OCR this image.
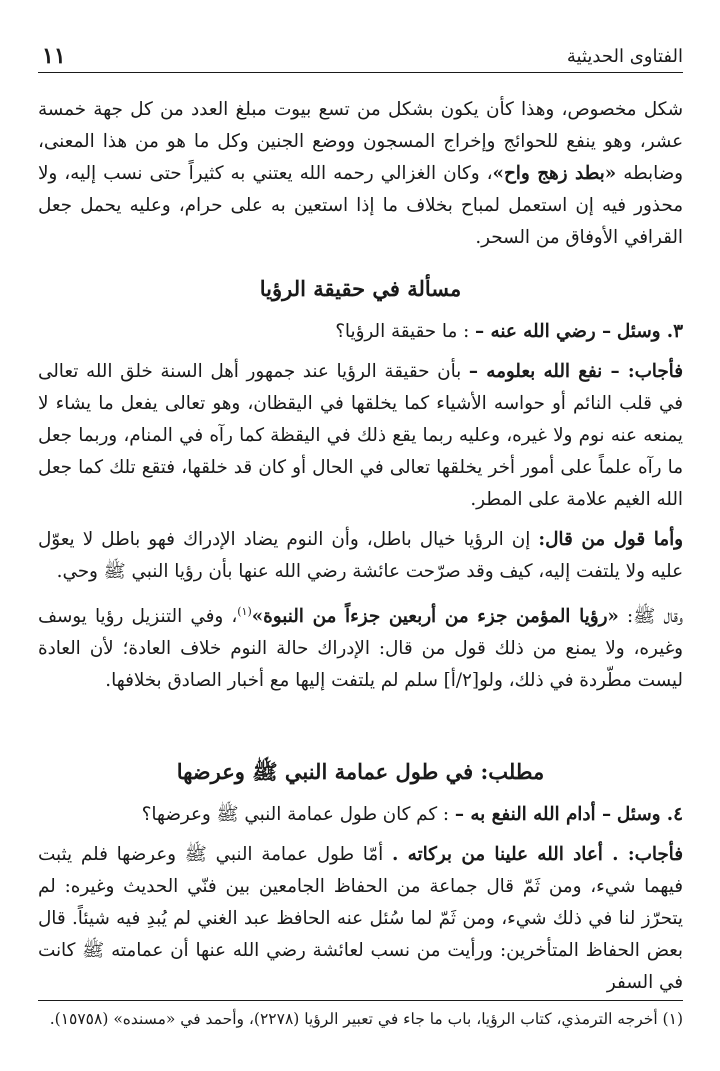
الفتاوى الحديثية
١١

شكل مخصوص، وهذا كأن يكون بشكل من تسع بيوت مبلغ العدد من كل جهة خمسة عشر، وهو ينفع للحوائج وإخراج المسجون ووضع الجنين وكل ما هو من هذا المعنى، وضابطه «بطد زهج واح»، وكان الغزالي رحمه الله يعتني به كثيراً حتى نسب إليه، ولا محذور فيه إن استعمل لمباح بخلاف ما إذا استعين به على حرام، وعليه يحمل جعل القرافي الأوفاق من السحر.

مسألة في حقيقة الرؤيا

٣. وسئل – رضي الله عنه – : ما حقيقة الرؤيا؟

فأجاب: – نفع الله بعلومه – بأن حقيقة الرؤيا عند جمهور أهل السنة خلق الله تعالى في قلب النائم أو حواسه الأشياء كما يخلقها في اليقظان، وهو تعالى يفعل ما يشاء لا يمنعه عنه نوم ولا غيره، وعليه ربما يقع ذلك في اليقظة كما رآه في المنام، وربما جعل ما رآه علماً على أمور أخر يخلقها تعالى في الحال أو كان قد خلقها، فتقع تلك كما جعل الله الغيم علامة على المطر.

وأما قول من قال: إن الرؤيا خيال باطل، وأن النوم يضاد الإدراك فهو باطل لا يعوّل عليه ولا يلتفت إليه، كيف وقد صرّحت عائشة رضي الله عنها بأن رؤيا النبي ﷺ وحي.

وقال ﷺ: «رؤيا المؤمن جزء من أربعين جزءاً من النبوة»$^{(١)}$، وفي التنزيل رؤيا يوسف وغيره، ولا يمنع من ذلك قول من قال: الإدراك حالة النوم خلاف العادة؛ لأن العادة ليست مطّردة في ذلك، ولو[٢/أ] سلم لم يلتفت إليها مع أخبار الصادق بخلافها.

مطلب: في طول عمامة النبي ﷺ وعرضها

٤. وسئل – أدام الله النفع به – : كم كان طول عمامة النبي ﷺ وعرضها؟

فأجاب: . أعاد الله علينا من بركاته . أمّا طول عمامة النبي ﷺ وعرضها فلم يثبت فيهما شيء، ومن ثَمّ قال جماعة من الحفاظ الجامعين بين فنّي الحديث وغيره: لم يتحرّز لنا في ذلك شيء، ومن ثَمّ لما سُئل عنه الحافظ عبد الغني لم يُبدِ فيه شيئاً. قال بعض الحفاظ المتأخرين: ورأيت من نسب لعائشة رضي الله عنها أن عمامته ﷺ كانت في السفر

(١) أخرجه الترمذي، كتاب الرؤيا، باب ما جاء في تعبير الرؤيا (٢٢٧٨)، وأحمد في «مسنده» (١٥٧٥٨).
